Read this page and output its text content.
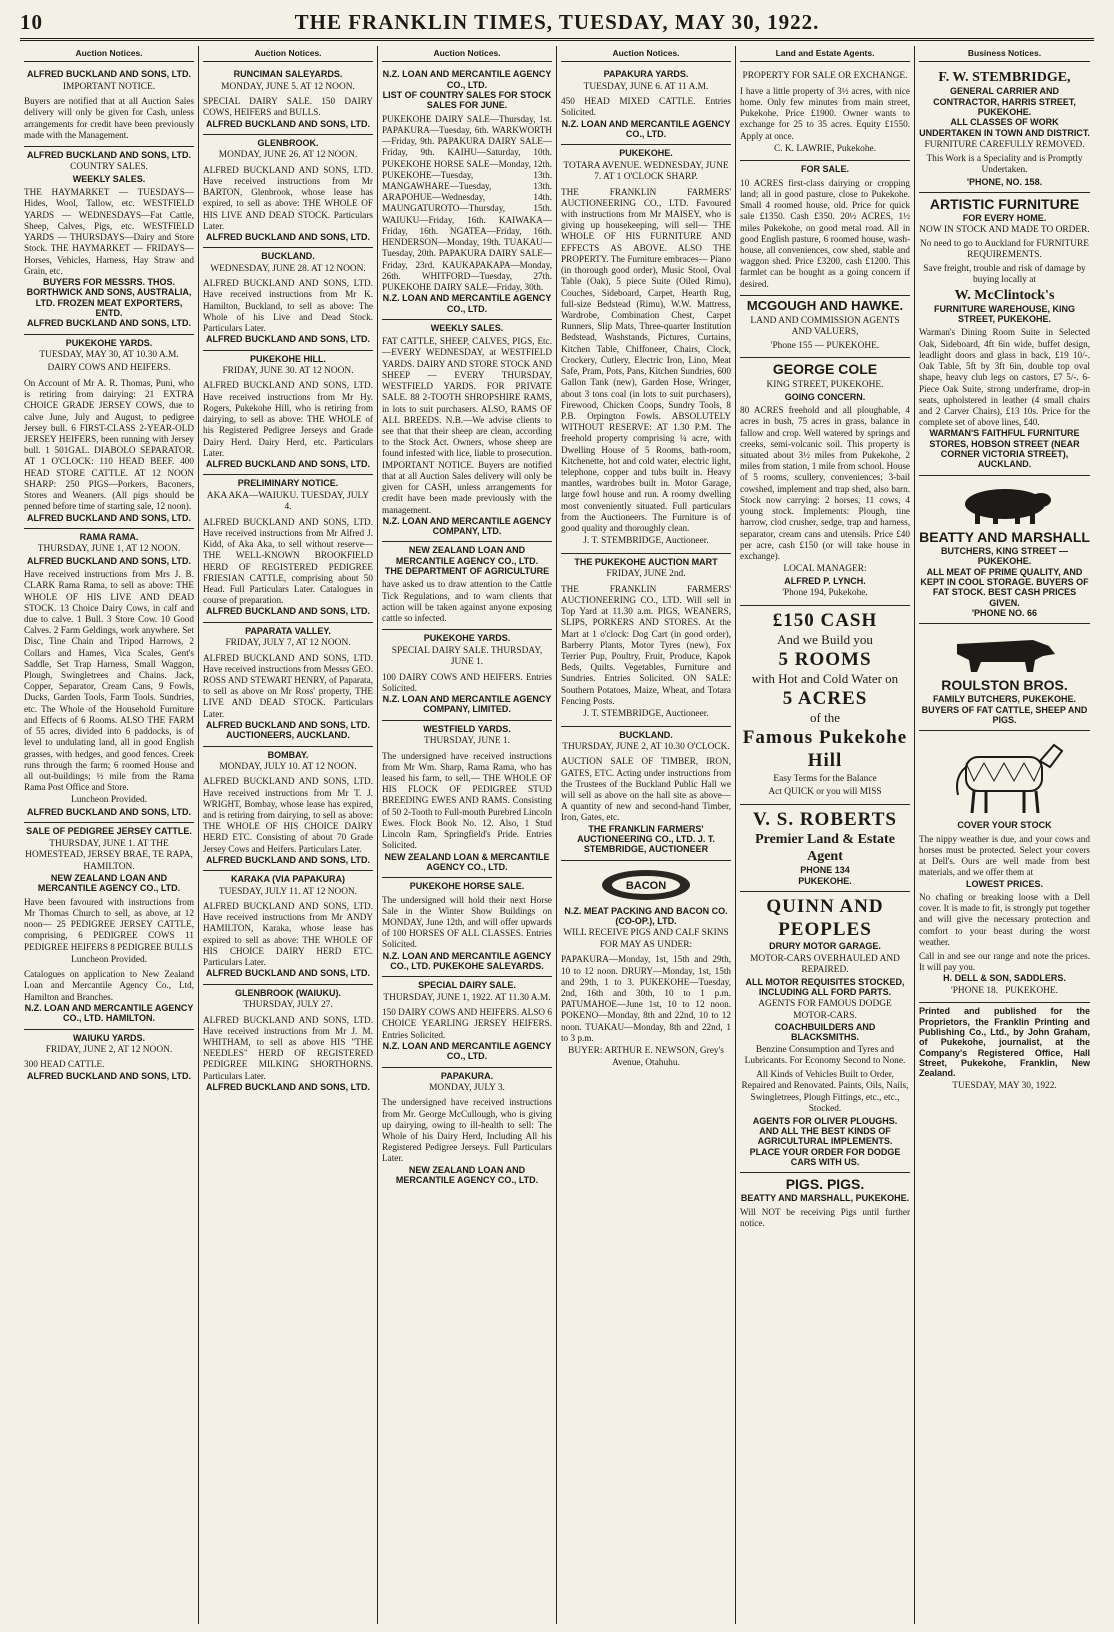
10	THE FRANKLIN TIMES, TUESDAY, MAY 30, 1922.
Auction Notices.
ALFRED BUCKLAND AND SONS, LTD.
IMPORTANT NOTICE.
Buyers are notified that at all Auction Sales delivery will only be given for Cash, unless arrangements for credit have been previously made with the Management.
ALFRED BUCKLAND AND SONS, LTD.
COUNTRY SALES.
WEEKLY SALES.
THE HAYMARKET — TUESDAYS—Hides, Wool, Tallow, etc. WESTFIELD YARDS — WEDNESDAYS—Fat Cattle, Sheep, Calves, Pigs, etc. WESTFIELD YARDS — THURSDAYS—Dairy and Store Stock. THE HAYMARKET — FRIDAYS—Horses, Vehicles, Harness, Hay Straw and Grain, etc.
BUYERS FOR MESSRS. THOS. BORTHWICK AND SONS, AUSTRALIA, LTD. FROZEN MEAT EXPORTERS, ENTD.
ALFRED BUCKLAND AND SONS, LTD.
PUKEKOHE YARDS.
TUESDAY, MAY 30, AT 10.30 A.M.
DAIRY COWS AND HEIFERS.
On Account of Mr A. R. Thomas, Puni, who is retiring from dairying: 21 EXTRA CHOICE GRADE JERSEY COWS, due to calve June, July and August, to pedigree Jersey bull. 6 FIRST-CLASS 2-YEAR-OLD JERSEY HEIFERS, been running with Jersey bull. 1 501GAL. DIABOLO SEPARATOR. AT 1 O'CLOCK: 110 HEAD BEEF. 400 HEAD STORE CATTLE. AT 12 NOON SHARP: 250 PIGS—Porkers, Baconers, Stores and Weaners. (All pigs should be penned before time of starting sale, 12 noon).
ALFRED BUCKLAND AND SONS, LTD.
RAMA RAMA.
THURSDAY, JUNE 1, AT 12 NOON.
ALFRED BUCKLAND AND SONS, LTD.
Have received instructions from Mrs J. B. CLARK Rama Rama, to sell as above: THE WHOLE OF HIS LIVE AND DEAD STOCK. 13 Choice Dairy Cows, in calf and due to calve. 1 Bull. 3 Store Cow. 10 Good Calves. 2 Farm Geldings, work anywhere. Set Disc, Tine Chain and Tripod Harrows, 2 Collars and Hames, Vica Scales, Gent's Saddle, Set Trap Harness, Small Waggon, Plough, Swingletrees and Chains. Jack, Copper, Separator, Cream Cans, 9 Fowls, Ducks, Garden Tools, Farm Tools. Sundries, etc. The Whole of the Household Furniture and Effects of 6 Rooms. ALSO THE FARM of 55 acres, divided into 6 paddocks, is of level to undulating land, all in good English grasses, with hedges, and good fences. Creek runs through the farm; 6 roomed House and all out-buildings; ½ mile from the Rama Rama Post Office and Store.
Luncheon Provided.
ALFRED BUCKLAND AND SONS, LTD.
SALE OF PEDIGREE JERSEY CATTLE.
THURSDAY, JUNE 1. AT THE HOMESTEAD, JERSEY BRAE, TE RAPA, HAMILTON.
NEW ZEALAND LOAN AND MERCANTILE AGENCY CO., LTD.
Have been favoured with instructions from Mr Thomas Church to sell, as above, at 12 noon— 25 PEDIGREE JERSEY CATTLE, comprising, 6 PEDIGREE COWS 11 PEDIGREE HEIFERS 8 PEDIGREE BULLS
Luncheon Provided.
Catalogues on application to New Zealand Loan and Mercantile Agency Co., Ltd, Hamilton and Branches.
N.Z. LOAN AND MERCANTILE AGENCY CO., LTD. HAMILTON.
WAIUKU YARDS.
FRIDAY, JUNE 2, AT 12 NOON.
300 HEAD CATTLE.
ALFRED BUCKLAND AND SONS, LTD.
Auction Notices.
RUNCIMAN SALEYARDS.
MONDAY, JUNE 5. AT 12 NOON.
SPECIAL DAIRY SALE. 150 DAIRY COWS, HEIFERS and BULLS.
ALFRED BUCKLAND AND SONS, LTD.
GLENBROOK.
MONDAY, JUNE 26. AT 12 NOON.
ALFRED BUCKLAND AND SONS, LTD. Have received instructions from Mr BARTON, Glenbrook, whose lease has expired, to sell as above: THE WHOLE OF HIS LIVE AND DEAD STOCK. Particulars Later.
ALFRED BUCKLAND AND SONS, LTD.
BUCKLAND.
WEDNESDAY, JUNE 28. AT 12 NOON.
ALFRED BUCKLAND AND SONS, LTD. Have received instructions from Mr K. Hamilton, Buckland, to sell as above: The Whole of his Live and Dead Stock. Particulars Later.
ALFRED BUCKLAND AND SONS, LTD.
PUKEKOHE HILL.
FRIDAY, JUNE 30. AT 12 NOON.
ALFRED BUCKLAND AND SONS, LTD. Have received instructions from Mr Hy. Rogers, Pukekohe Hill, who is retiring from dairying, to sell as above: THE WHOLE of his Registered Pedigree Jerseys and Grade Dairy Herd. Dairy Herd, etc. Particulars Later.
ALFRED BUCKLAND AND SONS, LTD.
PRELIMINARY NOTICE.
AKA AKA—WAIUKU. TUESDAY, JULY 4.
ALFRED BUCKLAND AND SONS, LTD. Have received instructions from Mr Alfred J. Kidd, of Aka Aka, to sell without reserve— THE WELL-KNOWN BROOKFIELD HERD OF REGISTERED PEDIGREE FRIESIAN CATTLE, comprising about 50 Head. Full Particulars Later. Catalogues in course of preparation.
ALFRED BUCKLAND AND SONS, LTD.
PAPARATA VALLEY.
FRIDAY, JULY 7, AT 12 NOON.
ALFRED BUCKLAND AND SONS, LTD. Have received instructions from Messrs GEO. ROSS AND STEWART HENRY, of Paparata, to sell as above on Mr Ross' property, THE LIVE AND DEAD STOCK. Particulars Later.
ALFRED BUCKLAND AND SONS, LTD. AUCTIONEERS, AUCKLAND.
BOMBAY.
MONDAY, JULY 10. AT 12 NOON.
ALFRED BUCKLAND AND SONS, LTD. Have received instructions from Mr T. J. WRIGHT, Bombay, whose lease has expired, and is retiring from dairying, to sell as above: THE WHOLE OF HIS CHOICE DAIRY HERD ETC. Consisting of about 70 Grade Jersey Cows and Heifers. Particulars Later.
ALFRED BUCKLAND AND SONS, LTD.
KARAKA (VIA PAPAKURA)
TUESDAY, JULY 11. AT 12 NOON.
ALFRED BUCKLAND AND SONS, LTD. Have received instructions from Mr ANDY HAMILTON, Karaka, whose lease has expired to sell as above: THE WHOLE OF HIS CHOICE DAIRY HERD ETC. Particulars Later.
ALFRED BUCKLAND AND SONS, LTD.
GLENBROOK (WAIUKU).
THURSDAY, JULY 27.
ALFRED BUCKLAND AND SONS, LTD. Have received instructions from Mr J. M. WHITHAM, to sell as above HIS "THE NEEDLES" HERD OF REGISTERED PEDIGREE MILKING SHORTHORNS. Particulars Later.
ALFRED BUCKLAND AND SONS, LTD.
Auction Notices.
N.Z. LOAN AND MERCANTILE AGENCY CO., LTD.
LIST OF COUNTRY SALES FOR STOCK SALES FOR JUNE.
PUKEKOHE DAIRY SALE—Thursday, 1st. PAPAKURA—Tuesday, 6th. WARKWORTH—Friday, 9th. PAPAKURA DAIRY SALE—Friday, 9th. KAIHU—Saturday, 10th. PUKEKOHE HORSE SALE—Monday, 12th. PUKEKOHE—Tuesday, 13th. MANGAWHARE—Tuesday, 13th. ARAPOHUE—Wednesday, 14th. MAUNGATUROTO—Thursday, 15th. WAIUKU—Friday, 16th. KAIWAKA—Friday, 16th. NGATEA—Friday, 16th. HENDERSON—Monday, 19th. TUAKAU—Tuesday, 20th. PAPAKURA DAIRY SALE—Friday, 23rd. KAUKAPAKAPA—Monday, 26th. WHITFORD—Tuesday, 27th. PUKEKOHE DAIRY SALE—Friday, 30th.
N.Z. LOAN AND MERCANTILE AGENCY CO., LTD.
WEEKLY SALES.
FAT CATTLE, SHEEP, CALVES, PIGS, Etc.—EVERY WEDNESDAY, at WESTFIELD YARDS. DAIRY AND STORE STOCK AND SHEEP — EVERY THURSDAY, WESTFIELD YARDS. FOR PRIVATE SALE. 88 2-TOOTH SHROPSHIRE RAMS, in lots to suit purchasers. ALSO, RAMS OF ALL BREEDS. N.B.—We advise clients to see that that their sheep are clean, according to the Stock Act. Owners, whose sheep are found infested with lice, liable to prosecution. IMPORTANT NOTICE. Buyers are notified that at all Auction Sales delivery will only be given for CASH, unless arrangements for credit have been made previously with the management.
N.Z. LOAN AND MERCANTILE AGENCY COMPANY, LTD.
NEW ZEALAND LOAN AND MERCANTILE AGENCY CO., LTD.
THE DEPARTMENT OF AGRICULTURE
have asked us to draw attention to the Cattle Tick Regulations, and to warn clients that action will be taken against anyone exposing cattle so infected.
PUKEKOHE YARDS.
SPECIAL DAIRY SALE. THURSDAY, JUNE 1.
100 DAIRY COWS AND HEIFERS. Entries Solicited.
N.Z. LOAN AND MERCANTILE AGENCY COMPANY, LIMITED.
WESTFIELD YARDS.
THURSDAY, JUNE 1.
The undersigned have received instructions from Mr Wm. Sharp, Rama Rama, who has leased his farm, to sell,— THE WHOLE OF HIS FLOCK OF PEDIGREE STUD BREEDING EWES AND RAMS. Consisting of 50 2-Tooth to Full-mouth Purebred Lincoln Ewes. Flock Book No. 12. Also, 1 Stud Lincoln Ram, Springfield's Pride. Entries Solicited.
NEW ZEALAND LOAN & MERCANTILE AGENCY CO., LTD.
PUKEKOHE HORSE SALE.
The undersigned will hold their next Horse Sale in the Winter Show Buildings on MONDAY, June 12th, and will offer upwards of 100 HORSES OF ALL CLASSES. Entries Solicited.
N.Z. LOAN AND MERCANTILE AGENCY CO., LTD. PUKEKOHE SALEYARDS.
SPECIAL DAIRY SALE.
THURSDAY, JUNE 1, 1922. AT 11.30 A.M.
150 DAIRY COWS AND HEIFERS. ALSO 6 CHOICE YEARLING JERSEY HEIFERS. Entries Solicited.
N.Z. LOAN AND MERCANTILE AGENCY CO., LTD.
PAPAKURA.
MONDAY, JULY 3.
The undersigned have received instructions from Mr. George McCullough, who is giving up dairying, owing to ill-health to sell: The Whole of his Dairy Herd, Including All his Registered Pedigree Jerseys. Full Particulars Later.
NEW ZEALAND LOAN AND MERCANTILE AGENCY CO., LTD.
Auction Notices.
PAPAKURA YARDS.
TUESDAY, JUNE 6. AT 11 A.M.
450 HEAD MIXED CATTLE. Entries Solicited.
N.Z. LOAN AND MERCANTILE AGENCY CO., LTD.
PUKEKOHE.
TOTARA AVENUE. WEDNESDAY, JUNE 7. AT 1 O'CLOCK SHARP.
THE FRANKLIN FARMERS' AUCTIONEERING CO., LTD. Favoured with instructions from Mr MAISEY, who is giving up housekeeping, will sell— THE WHOLE OF HIS FURNITURE AND EFFECTS AS ABOVE. ALSO THE PROPERTY. The Furniture embraces— Piano (in thorough good order), Music Stool, Oval Table (Oak), 5 piece Suite (Oiled Rimu), Couches, Sideboard, Carpet, Hearth Rug, full-size Bedstead (Rimu), W.W. Mattress, Wardrobe, Combination Chest, Carpet Runners, Slip Mats, Three-quarter Institution Bedstead, Washstands, Pictures, Curtains, Kitchen Table, Chiffoneer, Chairs, Clock, Crockery, Cutlery, Electric Iron, Lino, Meat Safe, Pram, Pots, Pans, Kitchen Sundries, 600 Gallon Tank (new), Garden Hose, Wringer, about 3 tons coal (in lots to suit purchasers), Firewood, Chicken Coops, Sundry Tools, 8 P.B. Orpington Fowls. ABSOLUTELY WITHOUT RESERVE: AT 1.30 P.M. The freehold property comprising ¼ acre, with Dwelling House of 5 Rooms, bath-room, Kitchenette, hot and cold water, electric light, telephone, copper and tubs built in. Heavy mantles, wardrobes built in. Motor Garage, large fowl house and run. A roomy dwelling most conveniently situated. Full particulars from the Auctioneers. The Furniture is of good quality and thoroughly clean.
J. T. STEMBRIDGE, Auctioneer.
THE PUKEKOHE AUCTION MART
FRIDAY, JUNE 2nd.
THE FRANKLIN FARMERS' AUCTIONEERING CO., LTD. Will sell in Top Yard at 11.30 a.m. PIGS, WEANERS, SLIPS, PORKERS AND STORES. At the Mart at 1 o'clock: Dog Cart (in good order), Barberry Plants, Motor Tyres (new), Fox Terrier Pup, Poultry, Fruit, Produce, Kapok Beds, Quilts. Vegetables, Furniture and Sundries. Entries Solicited. ON SALE: Southern Potatoes, Maize, Wheat, and Totara Fencing Posts.
J. T. STEMBRIDGE, Auctioneer.
BUCKLAND.
THURSDAY, JUNE 2, AT 10.30 O'CLOCK.
AUCTION SALE OF TIMBER, IRON, GATES, ETC. Acting under instructions from the Trustees of the Buckland Public Hall we will sell as above on the hall site as above— A quantity of new and second-hand Timber, Iron, Gates, etc.
THE FRANKLIN FARMERS' AUCTIONEERING CO., LTD. J. T. STEMBRIDGE, AUCTIONEER
BACON
N.Z. MEAT PACKING AND BACON CO. (CO-OP.), LTD.
WILL RECEIVE PIGS AND CALF SKINS FOR MAY AS UNDER:
PAPAKURA—Monday, 1st, 15th and 29th, 10 to 12 noon. DRURY—Monday, 1st, 15th and 29th, 1 to 3. PUKEKOHE—Tuesday, 2nd, 16th and 30th, 10 to 1 p.m. PATUMAHOE—June 1st, 10 to 12 noon. POKENO—Monday, 8th and 22nd, 10 to 12 noon. TUAKAU—Monday, 8th and 22nd, 1 to 3 p.m.
BUYER: ARTHUR E. NEWSON, Grey's Avenue, Otahuhu.
Land and Estate Agents.
PROPERTY FOR SALE OR EXCHANGE.
I have a little property of 3½ acres, with nice home. Only few minutes from main street, Pukekohe. Price £1900. Owner wants to exchange for 25 to 35 acres. Equity £1550. Apply at once.
C. K. LAWRIE, Pukekohe.
FOR SALE.
10 ACRES first-class dairying or cropping land; all in good pasture, close to Pukekohe. Small 4 roomed house, old. Price for quick sale £1350. Cash £350. 20½ ACRES, 1½ miles Pukekohe, on good metal road. All in good English pasture, 6 roomed house, wash-house, all conveniences, cow shed, stable and waggon shed. Price £3200, cash £1200. This farmlet can be bought as a going concern if desired.
MCGOUGH AND HAWKE.
LAND AND COMMISSION AGENTS AND VALUERS,
'Phone 155 — PUKEKOHE.
GEORGE COLE
KING STREET, PUKEKOHE.
GOING CONCERN.
80 ACRES freehold and all ploughable, 4 acres in bush, 75 acres in grass, balance in fallow and crop. Well watered by springs and creeks, semi-volcanic soil. This property is situated about 3½ miles from Pukekohe, 2 miles from station, 1 mile from school. House of 5 rooms, scullery, conveniences; 3-bail cowshed, implement and trap shed, also barn. Stock now carrying: 2 horses, 11 cows, 4 young stock. Implements: Plough, tine harrow, clod crusher, sedge, trap and harness, separator, cream cans and utensils. Price £40 per acre, cash £150 (or will take house in exchange).
LOCAL MANAGER:
ALFRED P. LYNCH.
'Phone 194, Pukekohe.
£150 CASH
And we Build you
5 ROOMS
with Hot and Cold Water on
5 ACRES
of the
Famous Pukekohe Hill
Easy Terms for the Balance
Act QUICK or you will MISS
V. S. ROBERTS
Premier Land & Estate Agent
PHONE 134
PUKEKOHE.
QUINN AND PEOPLES
DRURY MOTOR GARAGE.
MOTOR-CARS OVERHAULED AND REPAIRED.
ALL MOTOR REQUISITES STOCKED, INCLUDING ALL FORD PARTS.
AGENTS FOR FAMOUS DODGE MOTOR-CARS.
COACHBUILDERS AND BLACKSMITHS.
Benzine Consumption and Tyres and Lubricants. For Economy Second to None.
All Kinds of Vehicles Built to Order, Repaired and Renovated. Paints, Oils, Nails, Swingletrees, Plough Fittings, etc., etc., Stocked.
AGENTS FOR OLIVER PLOUGHS.
AND ALL THE BEST KINDS OF AGRICULTURAL IMPLEMENTS.
PLACE YOUR ORDER FOR DODGE CARS WITH US.
PIGS. PIGS.
BEATTY AND MARSHALL, PUKEKOHE.
Will NOT be receiving Pigs until further notice.
Business Notices.
F. W. STEMBRIDGE,
GENERAL CARRIER AND CONTRACTOR, HARRIS STREET, PUKEKOHE.
ALL CLASSES OF WORK UNDERTAKEN IN TOWN AND DISTRICT.
FURNITURE CAREFULLY REMOVED.
This Work is a Speciality and is Promptly Undertaken.
'PHONE, NO. 158.
ARTISTIC FURNITURE
FOR EVERY HOME.
NOW IN STOCK AND MADE TO ORDER.
No need to go to Auckland for FURNITURE REQUIREMENTS.
Save freight, trouble and risk of damage by buying locally at
W. McClintock's
FURNITURE WAREHOUSE, KING STREET, PUKEKOHE.
Warman's Dining Room Suite in Selected Oak, Sideboard, 4ft 6in wide, buffet design, leadlight doors and glass in back, £19 10/-. Oak Table, 5ft by 3ft 6in, double top oval shape, heavy club legs on castors, £7 5/-. 6-Piece Oak Suite, strong underframe, drop-in seats, upholstered in leather (4 small chairs and 2 Carver Chairs), £13 10s. Price for the complete set of above lines, £40.
WARMAN'S FAITHFUL FURNITURE STORES, HOBSON STREET (NEAR CORNER VICTORIA STREET), AUCKLAND.
BEATTY AND MARSHALL
BUTCHERS, KING STREET — PUKEKOHE.
ALL MEAT OF PRIME QUALITY, AND KEPT IN COOL STORAGE. BUYERS OF FAT STOCK. BEST CASH PRICES GIVEN.
'PHONE NO. 66
ROULSTON BROS.
FAMILY BUTCHERS, PUKEKOHE.
BUYERS OF FAT CATTLE, SHEEP AND PIGS.
COVER YOUR STOCK
The nippy weather is due, and your cows and horses must be protected. Select your covers at Dell's. Ours are well made from best materials, and we offer them at
LOWEST PRICES.
No chafing or breaking loose with a Dell cover. It is made to fit, is strongly put together and will give the necessary protection and comfort to your beast during the worst weather.
Call in and see our range and note the prices. It will pay you.
H. DELL & SON, SADDLERS.
'PHONE 18. PUKEKOHE.
Printed and published for the Proprietors, the Franklin Printing and Publishing Co., Ltd., by John Graham, of Pukekohe, journalist, at the Company's Registered Office, Hall Street, Pukekohe, Franklin, New Zealand.
TUESDAY, MAY 30, 1922.
